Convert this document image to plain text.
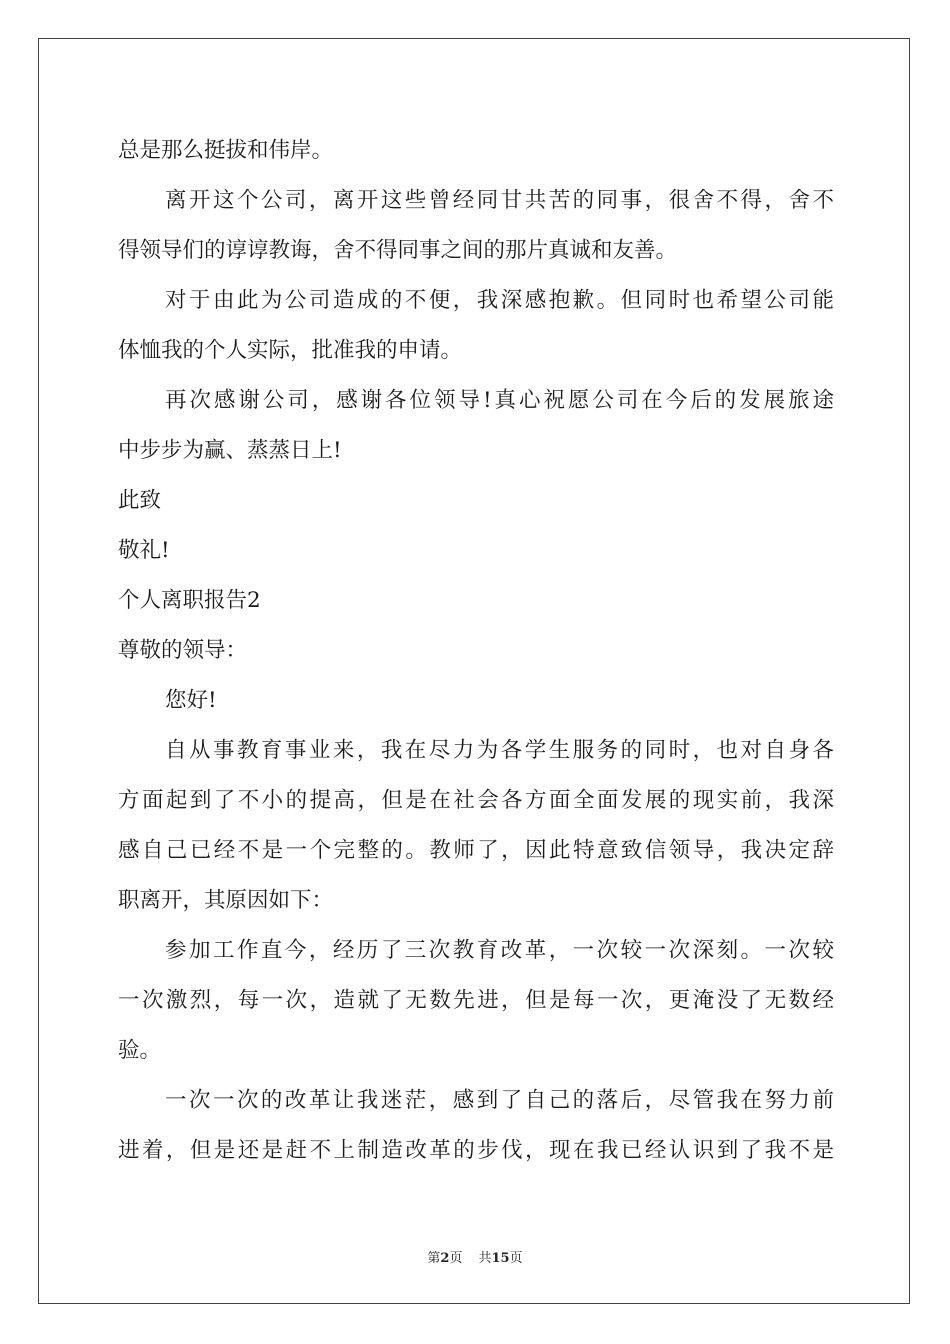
总是那么挺拔和伟岸。
离开这个公司，离开这些曾经同甘共苦的同事，很舍不得，舍不
得领导们的谆谆教诲，舍不得同事之间的那片真诚和友善。
对于由此为公司造成的不便，我深感抱歉。但同时也希望公司能
体恤我的个人实际，批准我的申请。
再次感谢公司，感谢各位领导!真心祝愿公司在今后的发展旅途
中步步为赢、蒸蒸日上!
此致
敬礼!
个人离职报告2
尊敬的领导：
您好!
自从事教育事业来，我在尽力为各学生服务的同时，也对自身各
方面起到了不小的提高，但是在社会各方面全面发展的现实前，我深
感自己已经不是一个完整的。教师了，因此特意致信领导，我决定辞
职离开，其原因如下：
参加工作直今，经历了三次教育改革，一次较一次深刻。一次较
一次激烈，每一次，造就了无数先进，但是每一次，更淹没了无数经
验。
一次一次的改革让我迷茫，感到了自己的落后，尽管我在努力前
进着，但是还是赶不上制造改革的步伐，现在我已经认识到了我不是
第2页 共15页
